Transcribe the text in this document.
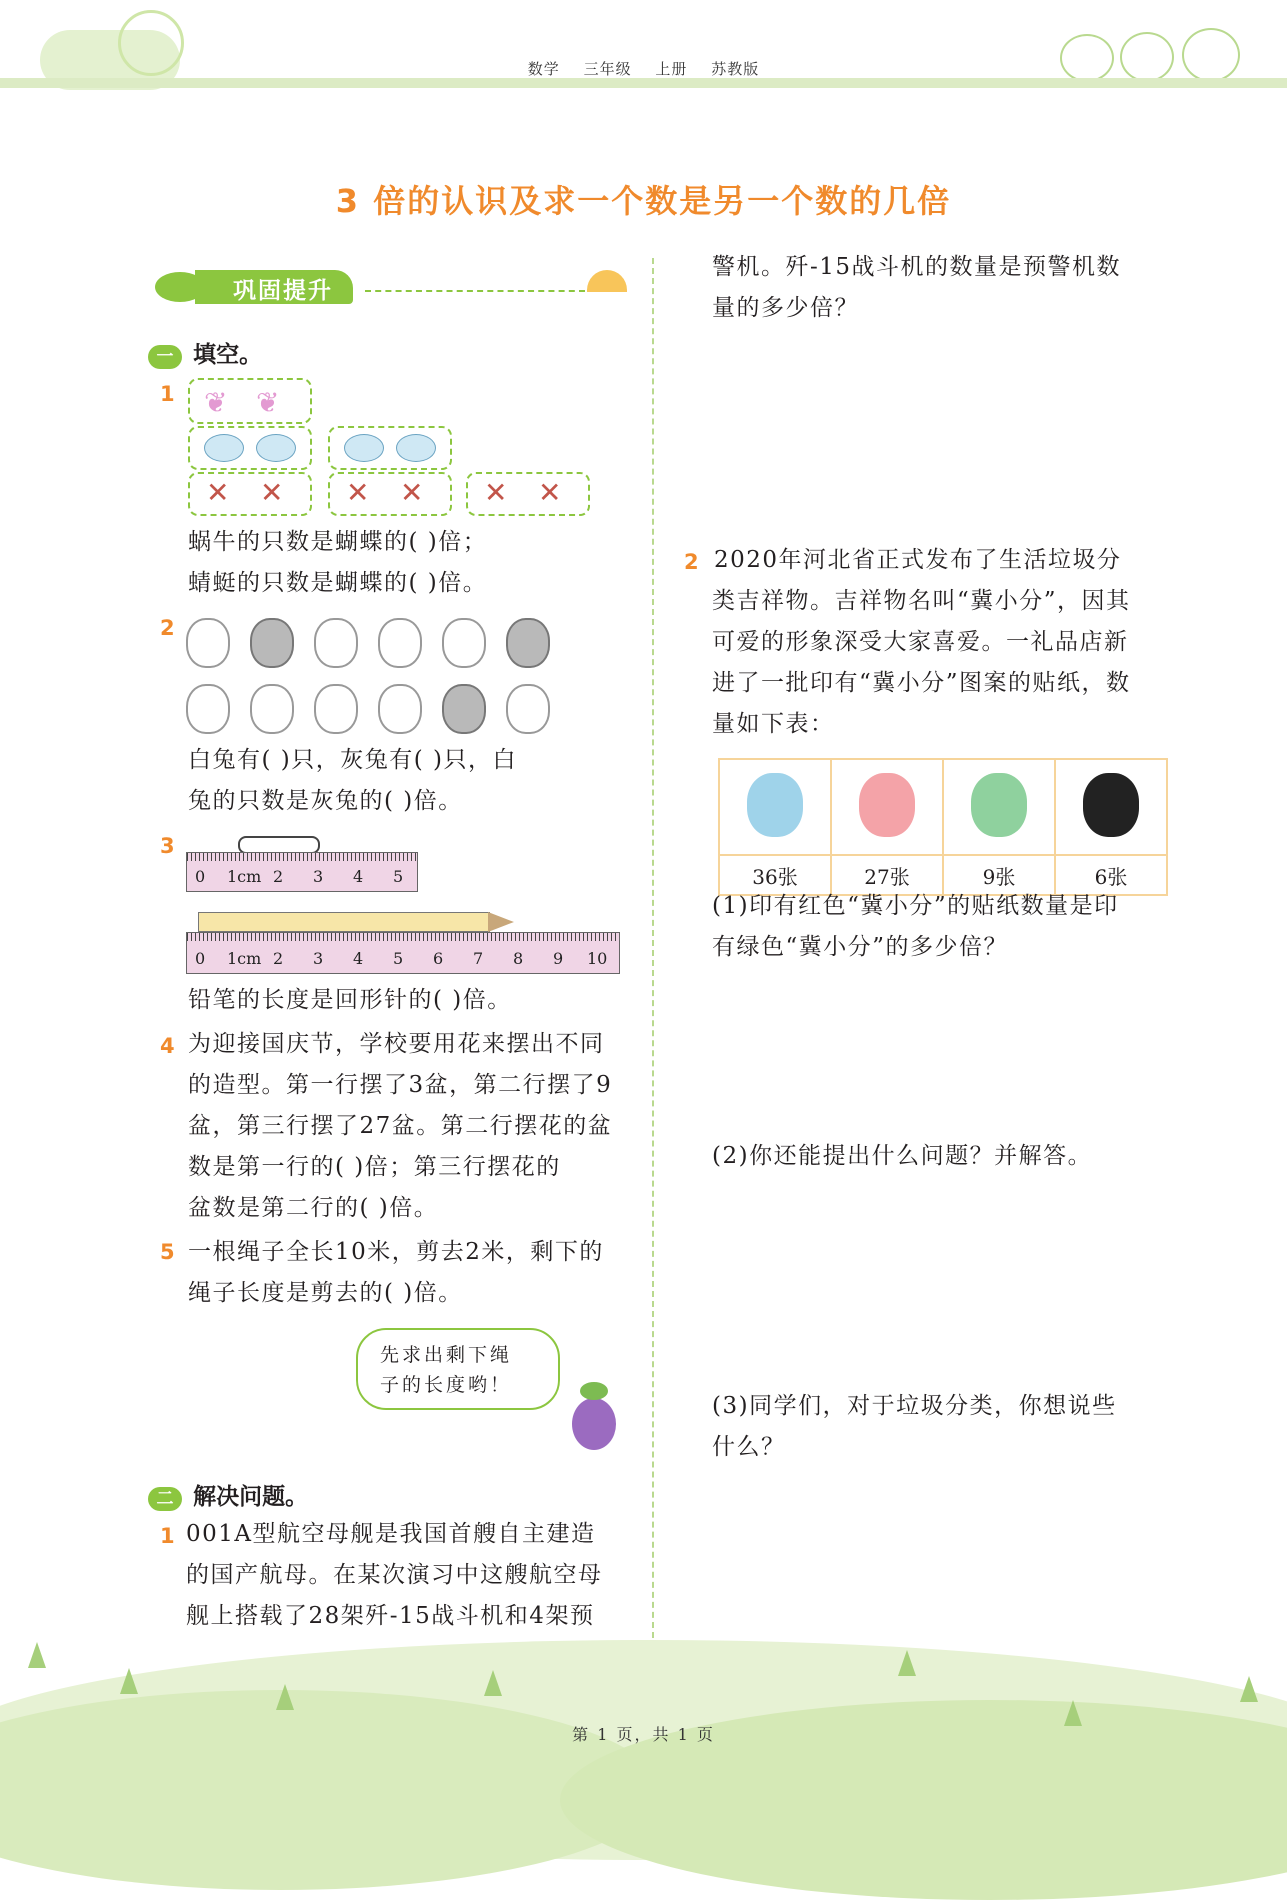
数学 三年级 上册 苏教版
3 倍的认识及求一个数是另一个数的几倍
巩固提升
一 填空。
1 ❦ ❦
✕ ✕ ✕ ✕ ✕ ✕
蜗牛的只数是蝴蝶的( )倍；
蜻蜓的只数是蝴蝶的( )倍。
2
白兔有( )只，灰兔有( )只，白
兔的只数是灰兔的( )倍。
3
0 1cm 2 3 4 5
0 1cm 2 3 4 5 6 7 8 9 10
铅笔的长度是回形针的( )倍。
4 为迎接国庆节，学校要用花来摆出不同
的造型。第一行摆了3盆，第二行摆了9
盆，第三行摆了27盆。第二行摆花的盆
数是第一行的( )倍；第三行摆花的
盆数是第二行的( )倍。
5 一根绳子全长10米，剪去2米，剩下的
绳子长度是剪去的( )倍。
先求出剩下绳
子的长度哟！
二 解决问题。
1 001A型航空母舰是我国首艘自主建造
的国产航母。在某次演习中这艘航空母
舰上搭载了28架歼-15战斗机和4架预
警机。歼-15战斗机的数量是预警机数
量的多少倍？
2 2020年河北省正式发布了生活垃圾分
类吉祥物。吉祥物名叫“冀小分”，因其
可爱的形象深受大家喜爱。一礼品店新
进了一批印有“冀小分”图案的贴纸，数
量如下表：

36张	27张	9张	6张
(1)印有红色“冀小分”的贴纸数量是印
有绿色“冀小分”的多少倍？
(2)你还能提出什么问题？并解答。
(3)同学们，对于垃圾分类，你想说些
什么？
第 1 页，共 1 页
